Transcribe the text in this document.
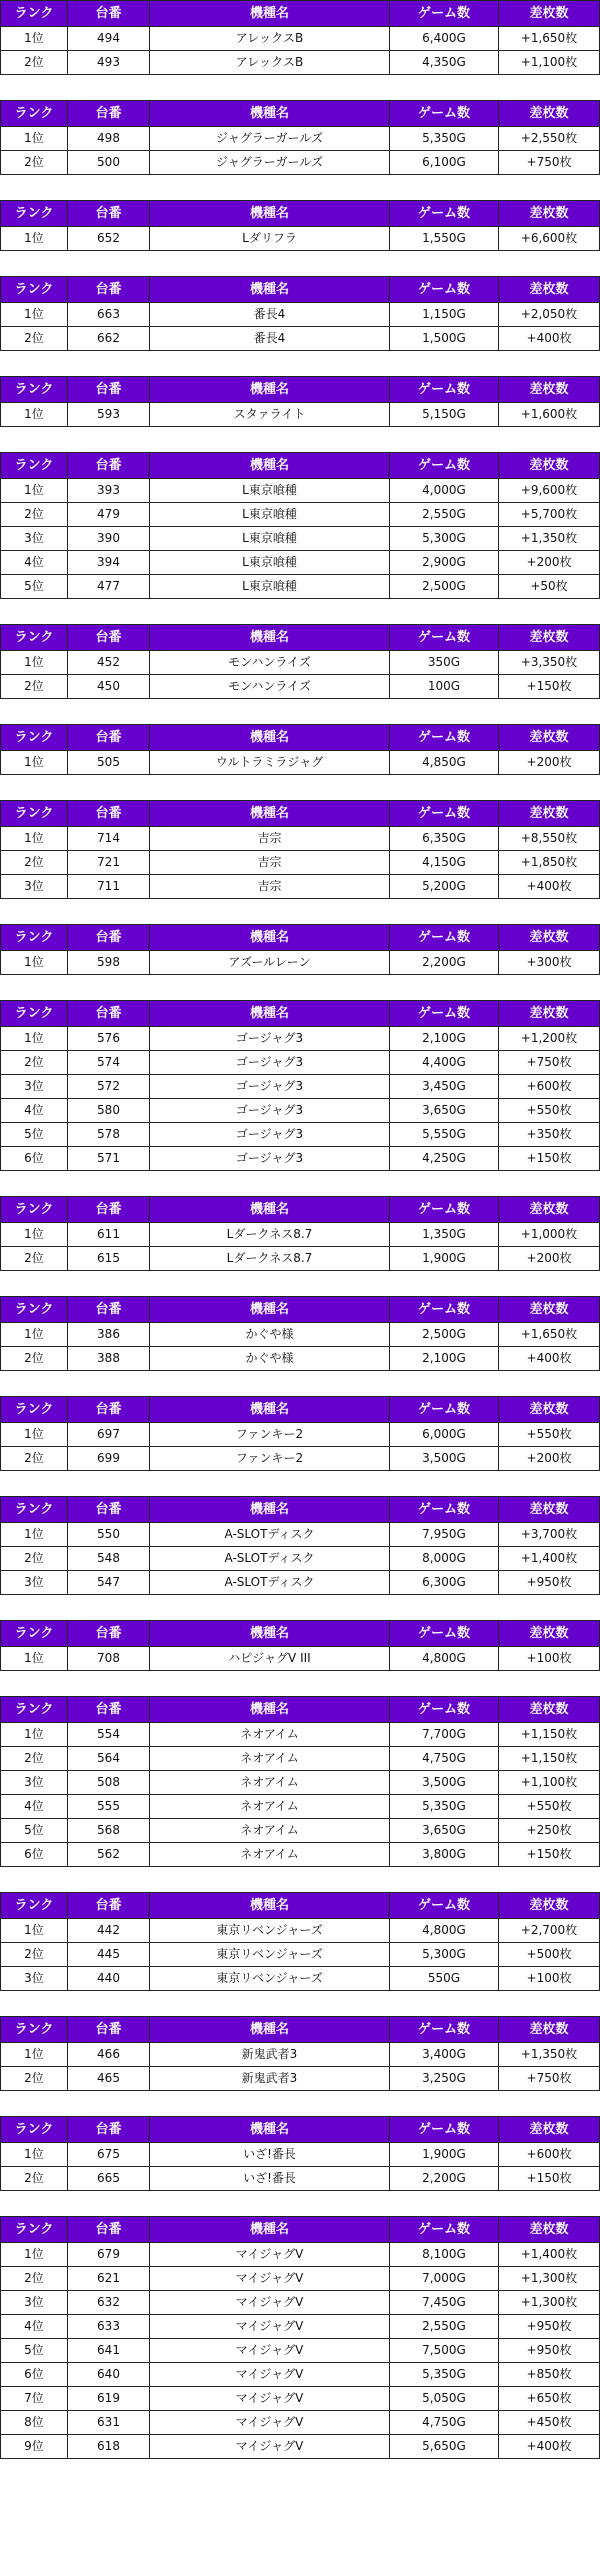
ランク	台番	機種名	ゲーム数	差枚数
1位	494	アレックスB	6,400G	+1,650枚
2位	493	アレックスB	4,350G	+1,100枚
ランク	台番	機種名	ゲーム数	差枚数
1位	498	ジャグラーガールズ	5,350G	+2,550枚
2位	500	ジャグラーガールズ	6,100G	+750枚
ランク	台番	機種名	ゲーム数	差枚数
1位	652	Lダリフラ	1,550G	+6,600枚
ランク	台番	機種名	ゲーム数	差枚数
1位	663	番長4	1,150G	+2,050枚
2位	662	番長4	1,500G	+400枚
ランク	台番	機種名	ゲーム数	差枚数
1位	593	スタァライト	5,150G	+1,600枚
ランク	台番	機種名	ゲーム数	差枚数
1位	393	L東京喰種	4,000G	+9,600枚
2位	479	L東京喰種	2,550G	+5,700枚
3位	390	L東京喰種	5,300G	+1,350枚
4位	394	L東京喰種	2,900G	+200枚
5位	477	L東京喰種	2,500G	+50枚
ランク	台番	機種名	ゲーム数	差枚数
1位	452	モンハンライズ	350G	+3,350枚
2位	450	モンハンライズ	100G	+150枚
ランク	台番	機種名	ゲーム数	差枚数
1位	505	ウルトラミラジャグ	4,850G	+200枚
ランク	台番	機種名	ゲーム数	差枚数
1位	714	吉宗	6,350G	+8,550枚
2位	721	吉宗	4,150G	+1,850枚
3位	711	吉宗	5,200G	+400枚
ランク	台番	機種名	ゲーム数	差枚数
1位	598	アズールレーン	2,200G	+300枚
ランク	台番	機種名	ゲーム数	差枚数
1位	576	ゴージャグ3	2,100G	+1,200枚
2位	574	ゴージャグ3	4,400G	+750枚
3位	572	ゴージャグ3	3,450G	+600枚
4位	580	ゴージャグ3	3,650G	+550枚
5位	578	ゴージャグ3	5,550G	+350枚
6位	571	ゴージャグ3	4,250G	+150枚
ランク	台番	機種名	ゲーム数	差枚数
1位	611	Lダークネス8.7	1,350G	+1,000枚
2位	615	Lダークネス8.7	1,900G	+200枚
ランク	台番	機種名	ゲーム数	差枚数
1位	386	かぐや様	2,500G	+1,650枚
2位	388	かぐや様	2,100G	+400枚
ランク	台番	機種名	ゲーム数	差枚数
1位	697	ファンキー2	6,000G	+550枚
2位	699	ファンキー2	3,500G	+200枚
ランク	台番	機種名	ゲーム数	差枚数
1位	550	A-SLOTディスク	7,950G	+3,700枚
2位	548	A-SLOTディスク	8,000G	+1,400枚
3位	547	A-SLOTディスク	6,300G	+950枚
ランク	台番	機種名	ゲーム数	差枚数
1位	708	ハピジャグV III	4,800G	+100枚
ランク	台番	機種名	ゲーム数	差枚数
1位	554	ネオアイム	7,700G	+1,150枚
2位	564	ネオアイム	4,750G	+1,150枚
3位	508	ネオアイム	3,500G	+1,100枚
4位	555	ネオアイム	5,350G	+550枚
5位	568	ネオアイム	3,650G	+250枚
6位	562	ネオアイム	3,800G	+150枚
ランク	台番	機種名	ゲーム数	差枚数
1位	442	東京リベンジャーズ	4,800G	+2,700枚
2位	445	東京リベンジャーズ	5,300G	+500枚
3位	440	東京リベンジャーズ	550G	+100枚
ランク	台番	機種名	ゲーム数	差枚数
1位	466	新鬼武者3	3,400G	+1,350枚
2位	465	新鬼武者3	3,250G	+750枚
ランク	台番	機種名	ゲーム数	差枚数
1位	675	いざ!番長	1,900G	+600枚
2位	665	いざ!番長	2,200G	+150枚
ランク	台番	機種名	ゲーム数	差枚数
1位	679	マイジャグV	8,100G	+1,400枚
2位	621	マイジャグV	7,000G	+1,300枚
3位	632	マイジャグV	7,450G	+1,300枚
4位	633	マイジャグV	2,550G	+950枚
5位	641	マイジャグV	7,500G	+950枚
6位	640	マイジャグV	5,350G	+850枚
7位	619	マイジャグV	5,050G	+650枚
8位	631	マイジャグV	4,750G	+450枚
9位	618	マイジャグV	5,650G	+400枚
